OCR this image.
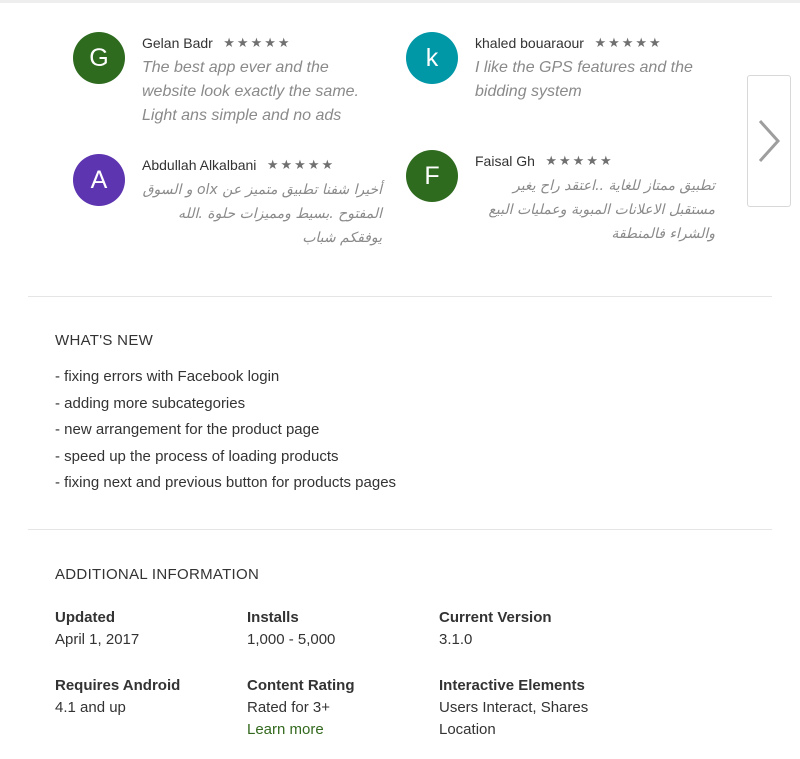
G
Gelan Badr ★★★★★
The best app ever and the website look exactly the same. Light ans simple and no ads
k
khaled bouaraour ★★★★★
I like the GPS features and the bidding system
A
Abdullah Alkalbani ★★★★★
أخيرا شفنا تطبيق متميز عن olx و السوق المفتوح .بسيط ومميزات حلوة .الله يوفقكم شباب
F
Faisal Gh ★★★★★
تطبيق ممتاز للغاية ..اعتقد راح يغير مستقبل الاعلانات المبوبة وعمليات البيع والشراء فالمنطقة
WHAT'S NEW
- fixing errors with Facebook login
- adding more subcategories
- new arrangement for the product page
- speed up the process of loading products
- fixing next and previous button for products pages
ADDITIONAL INFORMATION
Updated
April 1, 2017
Installs
1,000 - 5,000
Current Version
3.1.0
Requires Android
4.1 and up
Content Rating
Rated for 3+
Learn more
Interactive Elements
Users Interact, Shares
Location
